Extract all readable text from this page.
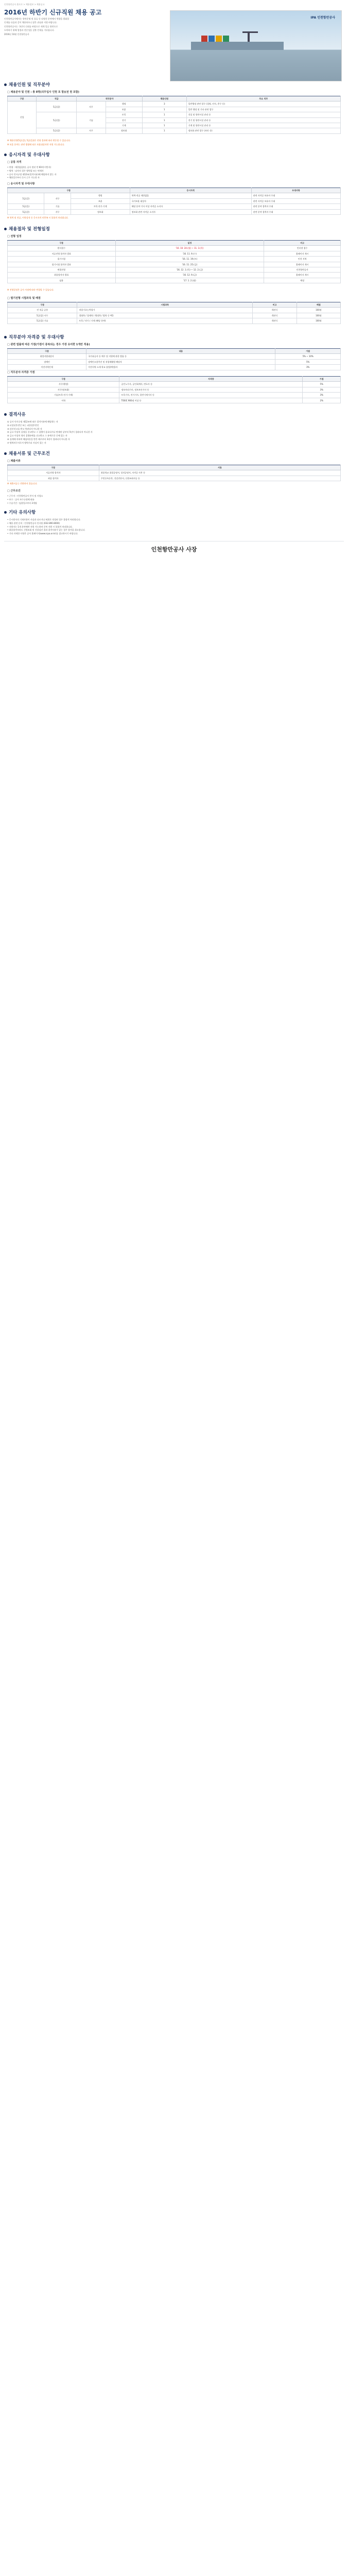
인천항만공사 홈으로 > 채용정보 > 채용공고
2016년 하반기 신규직원 채용 공고
인천항만공사에서는 항만운영 및 물류 등 다양한 분야에서 역량을 발휘할
인재를 다음과 같이 채용하오니 많은 관심과 지원 바랍니다.
인천항만공사는 국민의 신뢰를 바탕으로 세계 일류 항만으로
도약하기 위해 열정과 전문성을 갖춘 인재를 기다립니다.
2016년 10월 인천항만공사
IPA 인천항만공사
채용인원 및 직무분야
□ 채용분야 및 인원 : 총 8명(의무입사 인원 포 함)(전 원 포함)
구분	직급	직무분야		채용인원	주요 직무
신입	5급(갑)	사무	행정	3	일반행정 관련 업무 (경영, 인사, 총무 등)
			보훈	1	일반 행정 및 기타 관련 업무
	5급(을)	기술	토목	1	건설 및 항만시설 관리 등
			전기	1	전기 및 항만시설 관리 등
			기계	1	기계 및 항만시설 관리 등
	5급(갑)	사무	정보화	1	정보화 관련 업무 (보안 등)
※ 채용인원(5급(갑), 5급(을))은 전형 결과에 따라 변동될 수 있습니다.
※ 보훈 분야는 관련 법령에 따른 보훈대상자만 지원 가능합니다.
응시자격 및 우대사항
□ 공통 자격
• 연령 : 제한없음(단, 공사 정년 만 60세 미만자)
• 병역 : 남자의 경우 병역필 또는 면제자
• 공사 인사규정 제12조(결격사유)에 해당하지 않는 자
• 채용일로부터 즉시 근무 가능한 자
□ 응시자격 및 우대사항
구분			응시자격	우대사항
5급(갑)	사무	행정	학력·전공 제한없음	관련 자격증 보유자 우대
		보훈	국가보훈 대상자	관련 자격증 보유자 우대
5급(을)	기술	토목·전기·기계	해당 분야 기사 이상 자격증 소지자	관련 분야 경력자 우대
5급(갑)	사무	정보화	정보화 관련 자격증 소지자	관련 분야 경력자 우대
※ 학력 및 전공, 어학성적 등 응시자격 미충족 시 불합격 처리됩니다.
채용절차 및 전형일정
□ 전형 일정
구분	일정	비고
원서접수	'16. 10. 24.(월) ~ 11. 3.(목)	인터넷 접수
서류전형 합격자 발표	'16. 11. 9.(수)	홈페이지 게시
필기시험	'16. 11. 19.(토)	인천 지역
필기시험 합격자 발표	'16. 11. 25.(금)	홈페이지 게시
면접전형	'16. 12. 1.(목) ~ 12. 2.(금)	인천항만공사
최종합격자 발표	'16. 12. 9.(금)	홈페이지 게시
임용	'17. 1. 2.(월)	예정
※ 전형일정은 공사 사정에 따라 변경될 수 있습니다.
□ 필기전형 시험과목 및 배점
구분	시험과목	비고	배점
전 직급 공통	직업기초능력평가	객관식	100점
5급(갑) 사무	경영학 / 경제학 / 행정학 / 법학 중 택1	객관식	100점
5급(을) 기술	토목 / 전기 / 기계 (해당 분야)	객관식	100점
직무분야 자격증 및 우대사항
□ 관련 법률에 따른 가점(가점이 중복되는 경우 가장 유리한 1개만 적용)
구분	내용	가점
취업지원대상자	국가유공자 등 예우 및 지원에 관한 법률 등	5% ~ 10%
장애인	장애인고용촉진 및 직업재활법 해당자	5%
이전지역인재	이전지역 소재 학교 졸업(예정)자	3%
□ 직무분야 자격증 가점
구분	자격증	가점
사무(행정)	공인노무사, 공인회계사, 변호사 등	5%
사무(정보화)	정보처리기사, 정보보안기사 등	3%
기술(토목·전기·기계)	토목기사, 전기기사, 일반기계기사 등	3%
어학	TOEIC 900점 이상 등	2%
결격사유
① 공사 인사규정 제12조에 따른 결격사유에 해당하는 자
② 피성년후견인 또는 피한정후견인
③ 파산선고를 받고 복권되지 아니한 자
④ 금고 이상의 실형을 선고받고 그 집행이 종료되거나 면제된 날부터 5년이 경과되지 아니한 자
⑤ 금고 이상의 형의 집행유예를 선고받고 그 유예기간 중에 있는 자
⑥ 징계에 의하여 해임처분을 받은 때로부터 3년이 경과되지 아니한 자
⑦ 병역의무자로서 병역기피 사실이 있는 자
채용서류 및 근무조건
□ 제출서류
구분	서류
서류전형 합격자	최종학교 졸업증명서, 성적증명서, 자격증 사본 등
최종 합격자	주민등록등본, 건강진단서, 신원조회서류 등
※ 제출서류는 반환하지 않습니다.
□ 근무조건
• 근무지 : 인천항만공사 본사 및 사업소
• 보수 : 공사 보수규정에 따름
• 수습기간 : 임용일로부터 3개월
기타 유의사항
• 응시원서의 기재사항이 사실과 다르거나 허위로 작성된 경우 불합격 처리합니다.
• 채용 관련 문의 : 인천항만공사 인사팀 (032-890-8000)
• 지원자는 1개 분야에만 지원 가능하며 중복 지원 시 불합격 처리합니다.
• 최종합격자라도 신원조회 및 건강검진 결과 결격사유가 있는 경우 합격을 취소합니다.
• 기타 자세한 사항은 공사 홈페이지(www.icpa.or.kr)를 참고하시기 바랍니다.
인천항만공사 사장
